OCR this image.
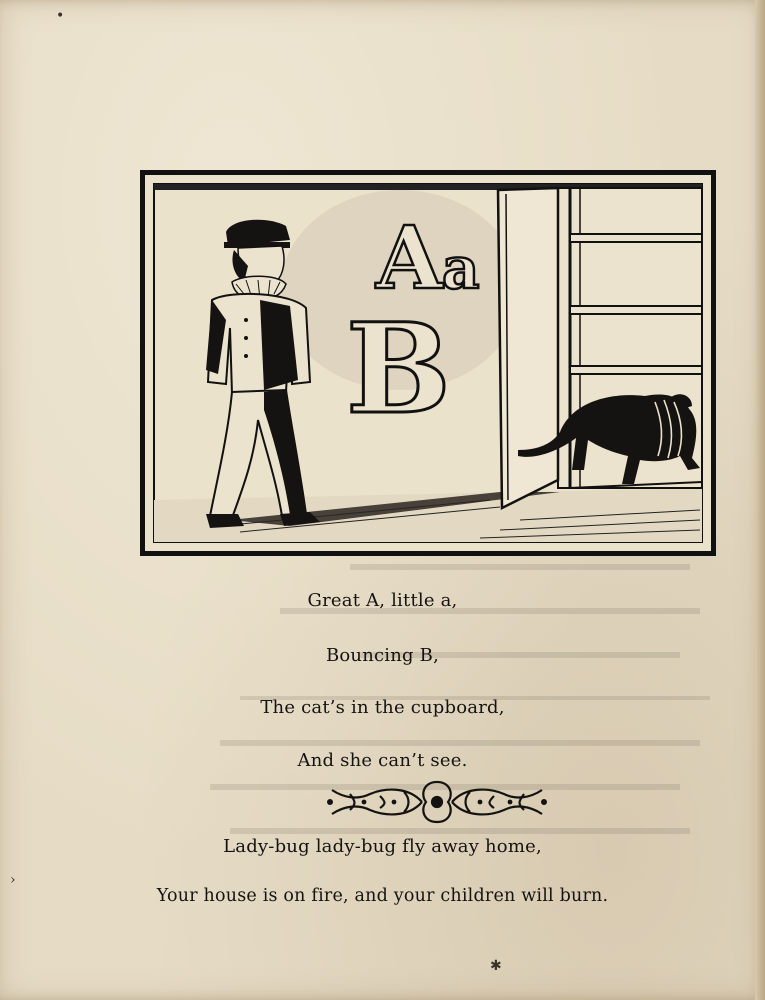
A a
B
Great A, little a,
Bouncing B,
The cat’s in the cupboard,
And she can’t see.
Lady-bug lady-bug fly away home,
Your house is on fire, and your children will burn.
•
›
✱
